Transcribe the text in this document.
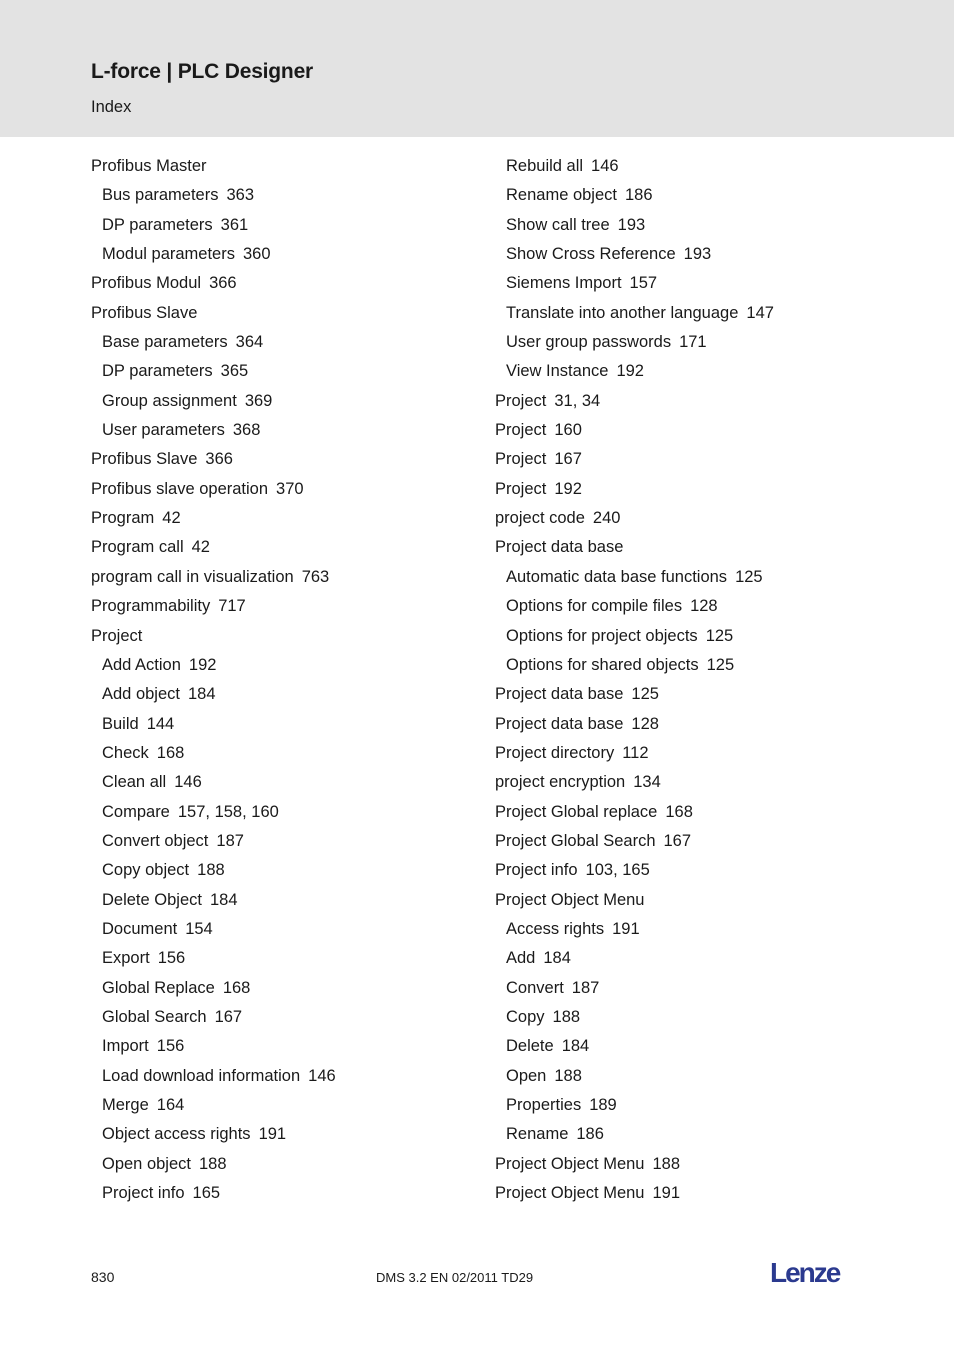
L-force | PLC Designer
Index
Profibus Master
Bus parameters 363
DP parameters 361
Modul parameters 360
Profibus Modul 366
Profibus Slave
Base parameters 364
DP parameters 365
Group assignment 369
User parameters 368
Profibus Slave 366
Profibus slave operation 370
Program 42
Program call 42
program call in visualization 763
Programmability 717
Project
Add Action 192
Add object 184
Build 144
Check 168
Clean all 146
Compare 157, 158, 160
Convert object 187
Copy object 188
Delete Object 184
Document 154
Export 156
Global Replace 168
Global Search 167
Import 156
Load download information 146
Merge 164
Object access rights 191
Open object 188
Project info 165
Rebuild all 146
Rename object 186
Show call tree 193
Show Cross Reference 193
Siemens Import 157
Translate into another language 147
User group passwords 171
View Instance 192
Project 31, 34
Project 160
Project 167
Project 192
project code 240
Project data base
Automatic data base functions 125
Options for compile files 128
Options for project objects 125
Options for shared objects 125
Project data base 125
Project data base 128
Project directory 112
project encryption 134
Project Global replace 168
Project Global Search 167
Project info 103, 165
Project Object Menu
Access rights 191
Add 184
Convert 187
Copy 188
Delete 184
Open 188
Properties 189
Rename 186
Project Object Menu 188
Project Object Menu 191
830	DMS 3.2 EN 02/2011 TD29	Lenze
